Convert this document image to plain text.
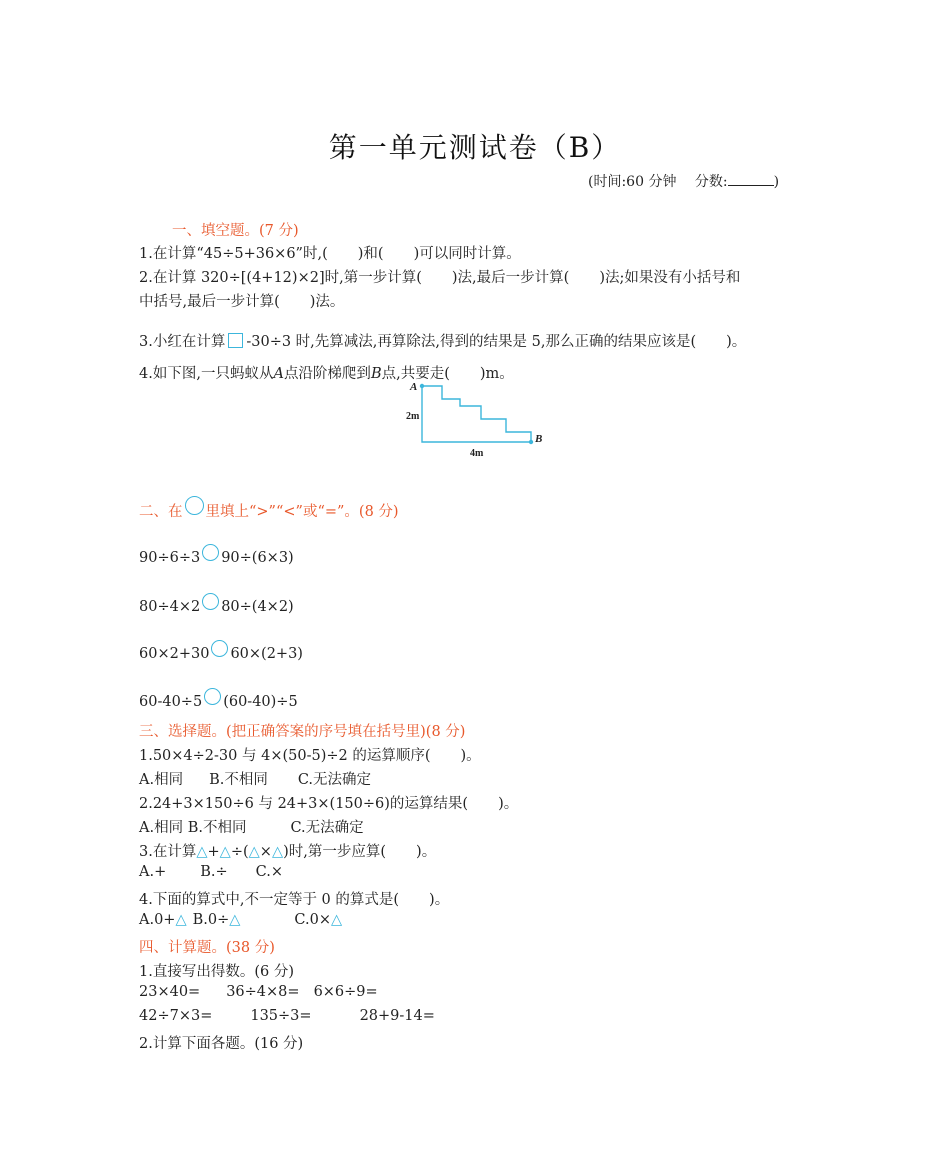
第一单元测试卷（B）
(时间:60 分钟　 分数:	)
一、填空题。(7 分)
1.在计算“45÷5+36×6”时,( )和( )可以同时计算。
2.在计算 320÷[(4+12)×2]时,第一步计算( )法,最后一步计算( )法;如果没有小括号和
中括号,最后一步计算( )法。
3.小红在计算 -30÷3 时,先算减法,再算除法,得到的结果是 5,那么正确的结果应该是( )。
4.如下图,一只蚂蚁从A点沿阶梯爬到B点,共要走( )m。
A
B
2m
4m
二、在 里填上“>”“<”或“=”。(8 分)
90÷6÷3 90÷(6×3)
80÷4×2 80÷(4×2)
60×2+30 60×(2+3)
60-40÷5 (60-40)÷5
三、选择题。(把正确答案的序号填在括号里)(8 分)
1.50×4÷2-30 与 4×(50-5)÷2 的运算顺序( )。
A.相同 B.不相同 C.无法确定
2.24+3×150÷6 与 24+3×(150÷6)的运算结果( )。
A.相同 B.不相同	C.无法确定
3.在计算△+△÷(△×△)时,第一步应算( )。
A.+ B.÷ C.×
4.下面的算式中,不一定等于 0 的算式是( )。
A.0+△ B.0÷△	C.0×△
四、计算题。(38 分)
1.直接写出得数。(6 分)
23×40= 36÷4×8= 6×6÷9=
42÷7×3=	135÷3=	28+9-14=
2.计算下面各题。(16 分)
